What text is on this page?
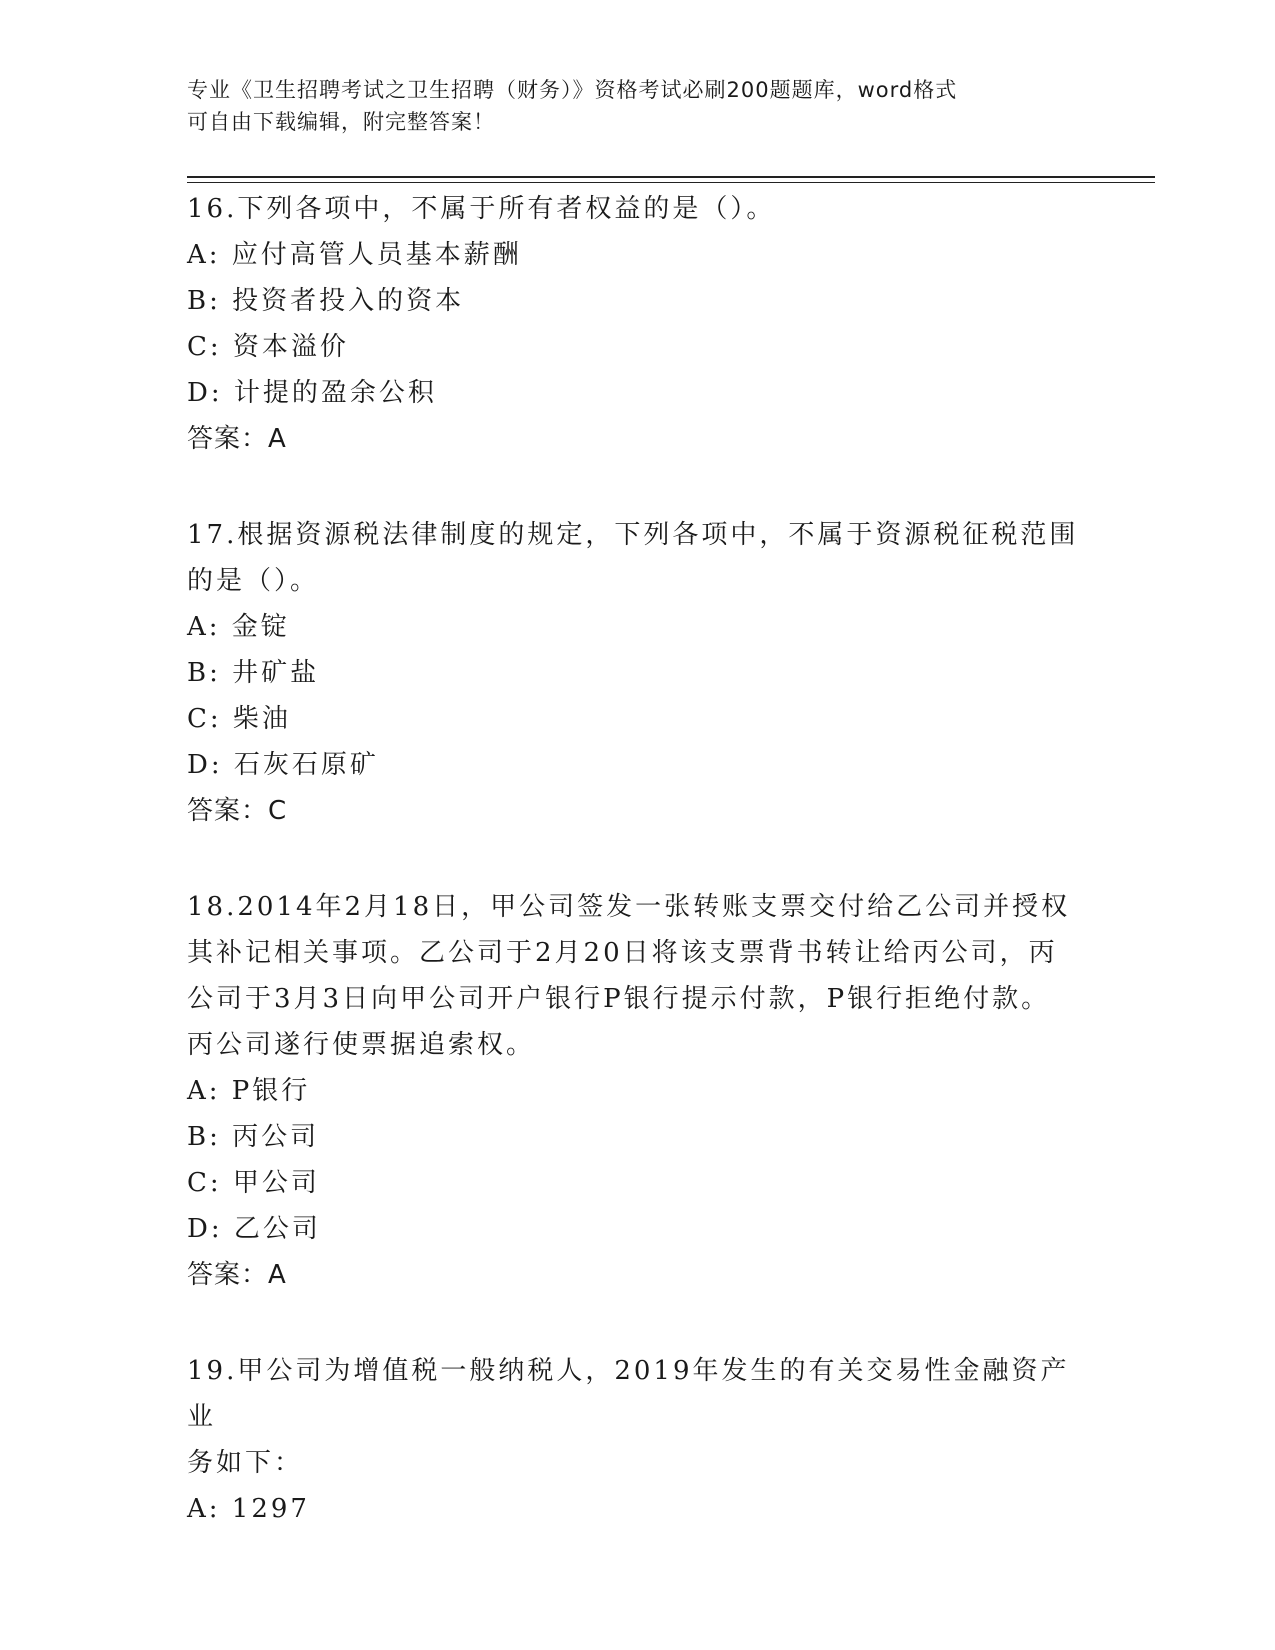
专业《卫生招聘考试之卫生招聘（财务）》资格考试必刷200题题库，word格式
可自由下载编辑，附完整答案！
16.下列各项中，不属于所有者权益的是（）。
A: 应付高管人员基本薪酬
B: 投资者投入的资本
C: 资本溢价
D: 计提的盈余公积
答案：A
17.根据资源税法律制度的规定，下列各项中，不属于资源税征税范围
的是（）。
A: 金锭
B: 井矿盐
C: 柴油
D: 石灰石原矿
答案：C
18.2014年2月18日，甲公司签发一张转账支票交付给乙公司并授权
其补记相关事项。乙公司于2月20日将该支票背书转让给丙公司，丙
公司于3月3日向甲公司开户银行P银行提示付款，P银行拒绝付款。
丙公司遂行使票据追索权。
A: P银行
B: 丙公司
C: 甲公司
D: 乙公司
答案：A
19.甲公司为增值税一般纳税人，2019年发生的有关交易性金融资产业
务如下：
A: 1297
